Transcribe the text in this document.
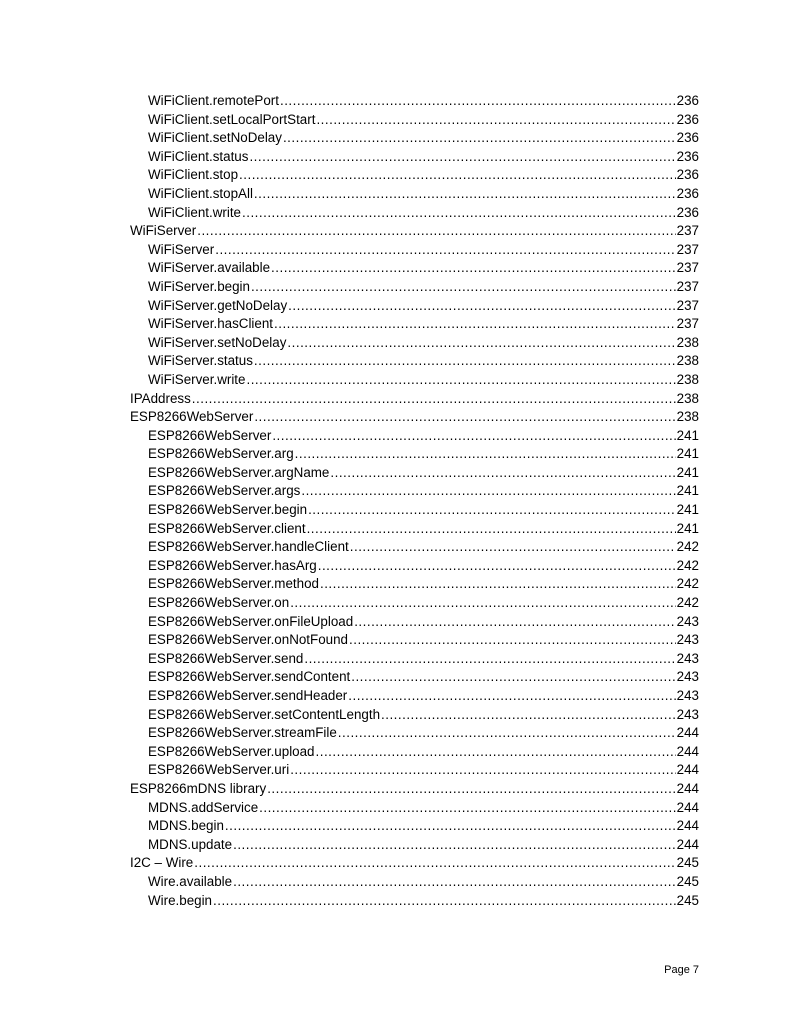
WiFiClient.remotePort .....	236
WiFiClient.setLocalPortStart .....	236
WiFiClient.setNoDelay .....	236
WiFiClient.status .....	236
WiFiClient.stop .....	236
WiFiClient.stopAll .....	236
WiFiClient.write .....	236
WiFiServer .....	237
WiFiServer .....	237
WiFiServer.available .....	237
WiFiServer.begin .....	237
WiFiServer.getNoDelay .....	237
WiFiServer.hasClient .....	237
WiFiServer.setNoDelay .....	238
WiFiServer.status .....	238
WiFiServer.write .....	238
IPAddress .....	238
ESP8266WebServer .....	238
ESP8266WebServer .....	241
ESP8266WebServer.arg .....	241
ESP8266WebServer.argName .....	241
ESP8266WebServer.args .....	241
ESP8266WebServer.begin .....	241
ESP8266WebServer.client .....	241
ESP8266WebServer.handleClient .....	242
ESP8266WebServer.hasArg .....	242
ESP8266WebServer.method .....	242
ESP8266WebServer.on .....	242
ESP8266WebServer.onFileUpload .....	243
ESP8266WebServer.onNotFound .....	243
ESP8266WebServer.send .....	243
ESP8266WebServer.sendContent .....	243
ESP8266WebServer.sendHeader .....	243
ESP8266WebServer.setContentLength .....	243
ESP8266WebServer.streamFile .....	244
ESP8266WebServer.upload .....	244
ESP8266WebServer.uri .....	244
ESP8266mDNS library .....	244
MDNS.addService .....	244
MDNS.begin .....	244
MDNS.update .....	244
I2C – Wire .....	245
Wire.available .....	245
Wire.begin .....	245
Page 7
